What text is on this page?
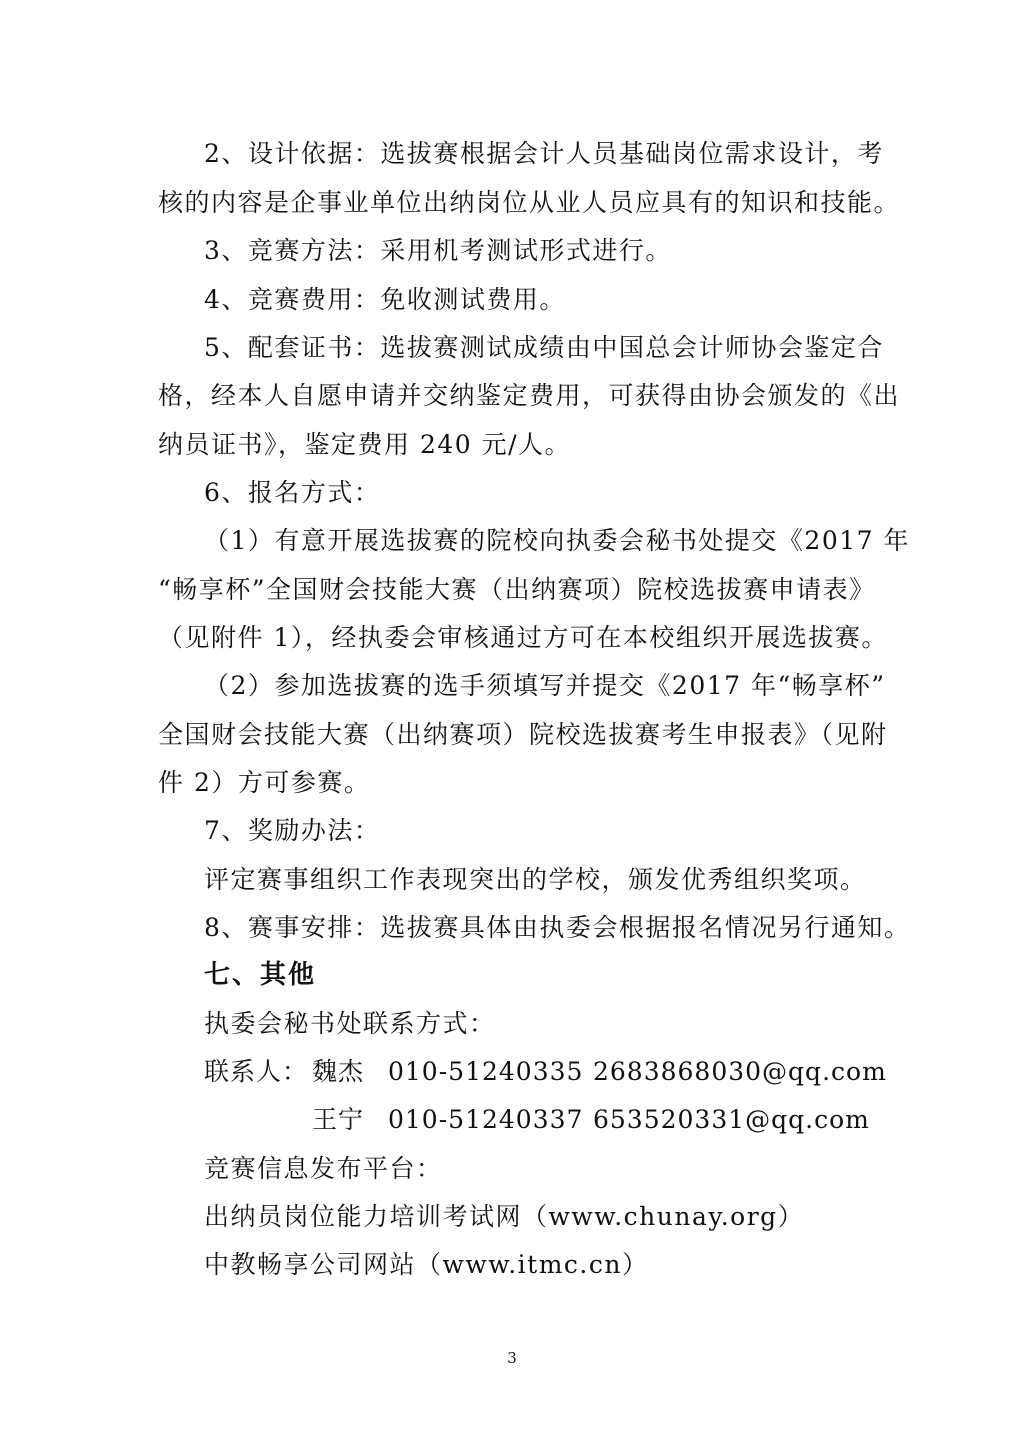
2、设计依据：选拔赛根据会计人员基础岗位需求设计，考
核的内容是企事业单位出纳岗位从业人员应具有的知识和技能。
3、竞赛方法：采用机考测试形式进行。
4、竞赛费用：免收测试费用。
5、配套证书：选拔赛测试成绩由中国总会计师协会鉴定合
格，经本人自愿申请并交纳鉴定费用，可获得由协会颁发的《出
纳员证书》，鉴定费用 240 元/人。
6、报名方式：
（1）有意开展选拔赛的院校向执委会秘书处提交《2017 年
“畅享杯”全国财会技能大赛（出纳赛项）院校选拔赛申请表》
（见附件 1），经执委会审核通过方可在本校组织开展选拔赛。
（2）参加选拔赛的选手须填写并提交《2017 年“畅享杯”
全国财会技能大赛（出纳赛项）院校选拔赛考生申报表》（见附
件 2）方可参赛。
7、奖励办法：
评定赛事组织工作表现突出的学校，颁发优秀组织奖项。
8、赛事安排：选拔赛具体由执委会根据报名情况另行通知。
七、其他
执委会秘书处联系方式：
联系人： 魏杰 010-51240335 2683868030@qq.com
王宁 010-51240337 653520331@qq.com
竞赛信息发布平台：
出纳员岗位能力培训考试网（www.chunay.org）
中教畅享公司网站（www.itmc.cn）
3
